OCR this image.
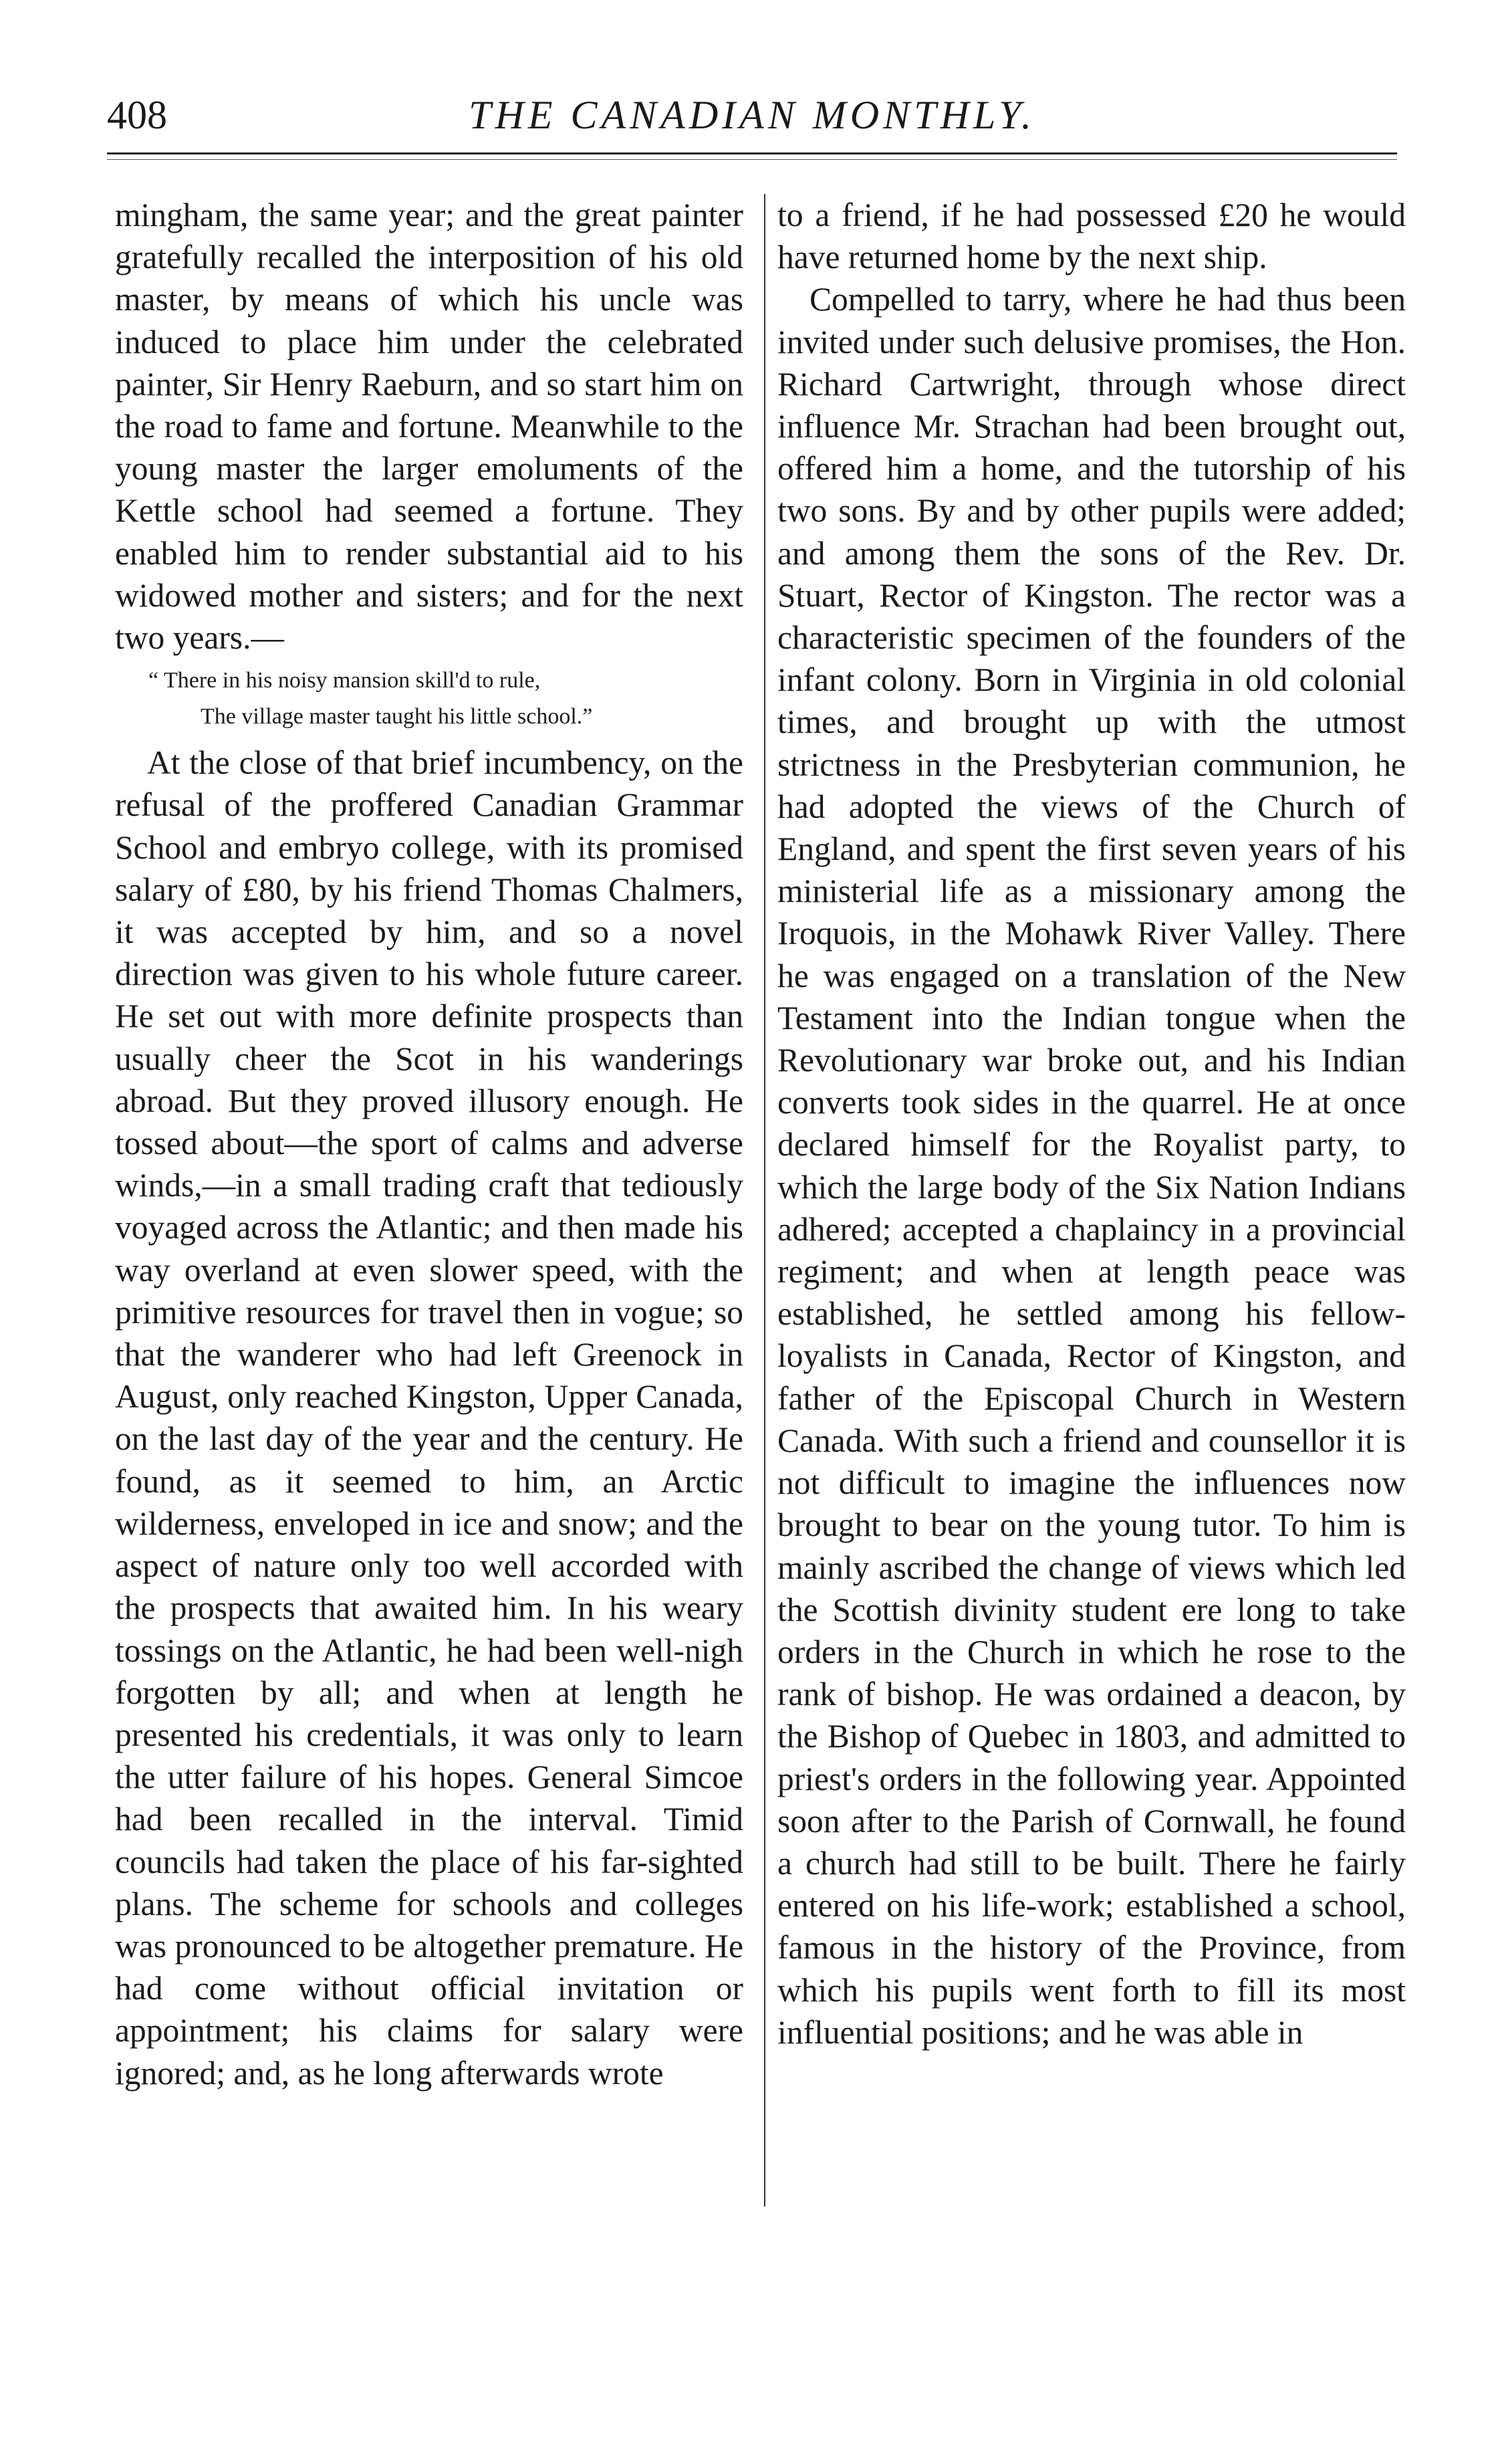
408	THE CANADIAN MONTHLY.

mingham, the same year; and the great painter gratefully recalled the interposition of his old master, by means of which his uncle was induced to place him under the celebrated painter, Sir Henry Raeburn, and so start him on the road to fame and fortune. Meanwhile to the young master the larger emoluments of the Kettle school had seemed a fortune. They enabled him to render substantial aid to his widowed mother and sisters; and for the next two years.—

“ There in his noisy mansion skill'd to rule,
The village master taught his little school.”

At the close of that brief incumbency, on the refusal of the proffered Canadian Grammar School and embryo college, with its promised salary of £80, by his friend Thomas Chalmers, it was accepted by him, and so a novel direction was given to his whole future career. He set out with more definite prospects than usually cheer the Scot in his wanderings abroad. But they proved illusory enough. He tossed about—the sport of calms and adverse winds,—in a small trading craft that tediously voyaged across the Atlantic; and then made his way overland at even slower speed, with the primitive resources for travel then in vogue; so that the wanderer who had left Greenock in August, only reached Kingston, Upper Canada, on the last day of the year and the century. He found, as it seemed to him, an Arctic wilderness, enveloped in ice and snow; and the aspect of nature only too well accorded with the prospects that awaited him. In his weary tossings on the Atlantic, he had been well-nigh forgotten by all; and when at length he presented his credentials, it was only to learn the utter failure of his hopes. General Simcoe had been recalled in the interval. Timid councils had taken the place of his far-sighted plans. The scheme for schools and colleges was pronounced to be altogether premature. He had come without official invitation or appointment; his claims for salary were ignored; and, as he long afterwards wrote

to a friend, if he had possessed £20 he would have returned home by the next ship.

Compelled to tarry, where he had thus been invited under such delusive promises, the Hon. Richard Cartwright, through whose direct influence Mr. Strachan had been brought out, offered him a home, and the tutorship of his two sons. By and by other pupils were added; and among them the sons of the Rev. Dr. Stuart, Rector of Kingston. The rector was a characteristic specimen of the founders of the infant colony. Born in Virginia in old colonial times, and brought up with the utmost strictness in the Presbyterian communion, he had adopted the views of the Church of England, and spent the first seven years of his ministerial life as a missionary among the Iroquois, in the Mohawk River Valley. There he was engaged on a translation of the New Testament into the Indian tongue when the Revolutionary war broke out, and his Indian converts took sides in the quarrel. He at once declared himself for the Royalist party, to which the large body of the Six Nation Indians adhered; accepted a chaplaincy in a provincial regiment; and when at length peace was established, he settled among his fellow-loyalists in Canada, Rector of Kingston, and father of the Episcopal Church in Western Canada. With such a friend and counsellor it is not difficult to imagine the influences now brought to bear on the young tutor. To him is mainly ascribed the change of views which led the Scottish divinity student ere long to take orders in the Church in which he rose to the rank of bishop. He was ordained a deacon, by the Bishop of Quebec in 1803, and admitted to priest's orders in the following year. Appointed soon after to the Parish of Cornwall, he found a church had still to be built. There he fairly entered on his life-work; established a school, famous in the history of the Province, from which his pupils went forth to fill its most influential positions; and he was able in
